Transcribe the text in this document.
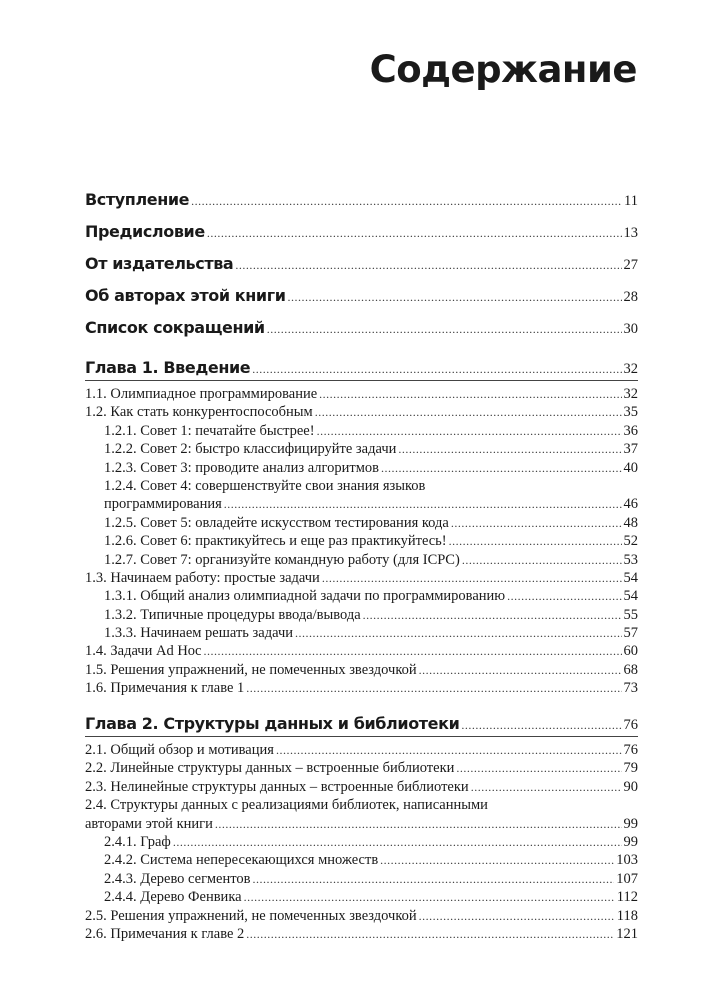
Содержание
Вступление .....	11
Предисловие .....	13
От издательства .....	27
Об авторах этой книги .....	28
Список сокращений .....	30
Глава 1. Введение .....	32
1.1. Олимпиадное программирование .....	32
1.2. Как стать конкурентоспособным .....	35
1.2.1. Совет 1: печатайте быстрее! .....	36
1.2.2. Совет 2: быстро классифицируйте задачи .....	37
1.2.3. Совет 3: проводите анализ алгоритмов .....	40
1.2.4. Совет 4: совершенствуйте свои знания языков
программирования .....	46
1.2.5. Совет 5: овладейте искусством тестирования кода .....	48
1.2.6. Совет 6: практикуйтесь и еще раз практикуйтесь! .....	52
1.2.7. Совет 7: организуйте командную работу (для ICPC) .....	53
1.3. Начинаем работу: простые задачи .....	54
1.3.1. Общий анализ олимпиадной задачи по программированию .....	54
1.3.2. Типичные процедуры ввода/вывода .....	55
1.3.3. Начинаем решать задачи .....	57
1.4. Задачи Ad Hoc .....	60
1.5. Решения упражнений, не помеченных звездочкой .....	68
1.6. Примечания к главе 1 .....	73
Глава 2. Структуры данных и библиотеки .....	76
2.1. Общий обзор и мотивация .....	76
2.2. Линейные структуры данных – встроенные библиотеки .....	79
2.3. Нелинейные структуры данных – встроенные библиотеки .....	90
2.4. Структуры данных с реализациями библиотек, написанными
авторами этой книги .....	99
2.4.1. Граф .....	99
2.4.2. Система непересекающихся множеств .....	103
2.4.3. Дерево сегментов .....	107
2.4.4. Дерево Фенвика .....	112
2.5. Решения упражнений, не помеченных звездочкой .....	118
2.6. Примечания к главе 2 .....	121
